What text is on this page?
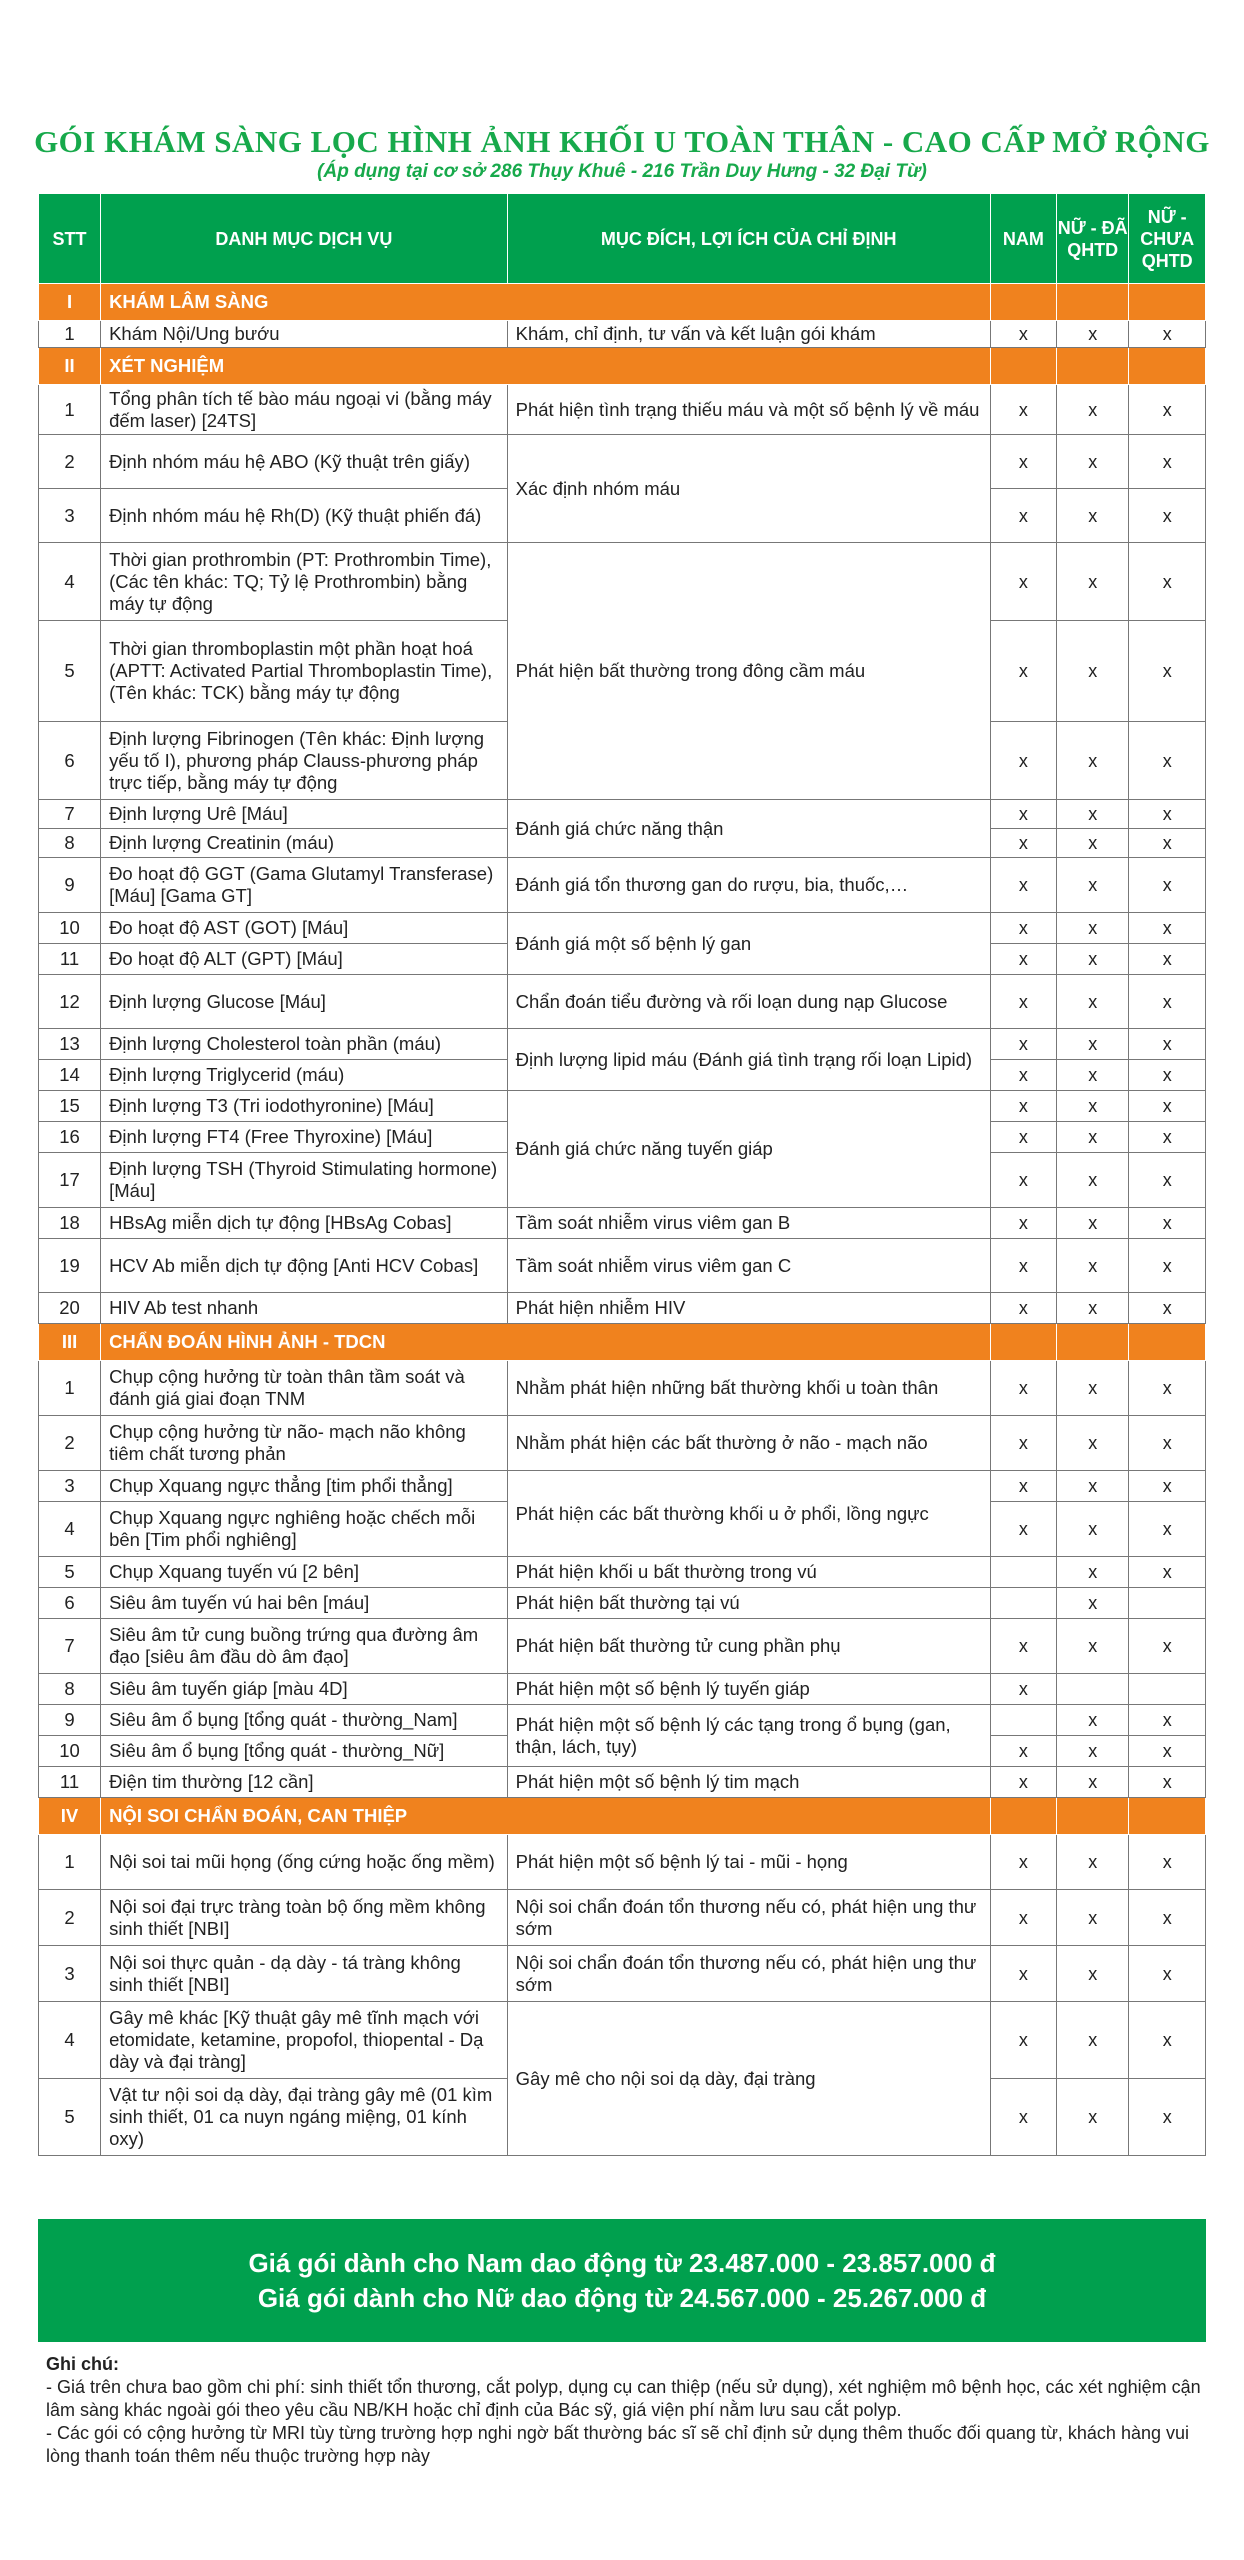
GÓI KHÁM SÀNG LỌC HÌNH ẢNH KHỐI U TOÀN THÂN - CAO CẤP MỞ RỘNG
(Áp dụng tại cơ sở 286 Thụy Khuê - 216 Trần Duy Hưng - 32 Đại Từ)
STT	DANH MỤC DỊCH VỤ	MỤC ĐÍCH, LỢI ÍCH CỦA CHỈ ĐỊNH	NAM	NỮ - ĐÃ QHTD	NỮ - CHƯA QHTD
I	KHÁM LÂM SÀNG				
1	Khám Nội/Ung bướu	Khám, chỉ định, tư vấn và kết luận gói khám	x	x	x
II	XÉT NGHIỆM				
1	Tổng phân tích tế bào máu ngoại vi (bằng máy đếm laser) [24TS]	Phát hiện tình trạng thiếu máu và một số bệnh lý về máu	x	x	x
2	Định nhóm máu hệ ABO (Kỹ thuật trên giấy)	Xác định nhóm máu	x	x	x
3	Định nhóm máu hệ Rh(D) (Kỹ thuật phiến đá)		x	x	x
4	Thời gian prothrombin (PT: Prothrombin Time), (Các tên khác: TQ; Tỷ lệ Prothrombin) bằng máy tự động	Phát hiện bất thường trong đông cầm máu	x	x	x
5	Thời gian thromboplastin một phần hoạt hoá (APTT: Activated Partial Thromboplastin Time), (Tên khác: TCK) bằng máy tự động		x	x	x
6	Định lượng Fibrinogen (Tên khác: Định lượng yếu tố I), phương pháp Clauss-phương pháp trực tiếp, bằng máy tự động		x	x	x
7	Định lượng Urê [Máu]	Đánh giá chức năng thận	x	x	x
8	Định lượng Creatinin (máu)		x	x	x
9	Đo hoạt độ GGT (Gama Glutamyl Transferase) [Máu] [Gama GT]	Đánh giá tổn thương gan do rượu, bia, thuốc,…	x	x	x
10	Đo hoạt độ AST (GOT) [Máu]	Đánh giá một số bệnh lý gan	x	x	x
11	Đo hoạt độ ALT (GPT) [Máu]		x	x	x
12	Định lượng Glucose [Máu]	Chẩn đoán tiểu đường và rối loạn dung nạp Glucose	x	x	x
13	Định lượng Cholesterol toàn phần (máu)	Định lượng lipid máu (Đánh giá tình trạng rối loạn Lipid)	x	x	x
14	Định lượng Triglycerid (máu)		x	x	x
15	Định lượng T3 (Tri iodothyronine) [Máu]	Đánh giá chức năng tuyến giáp	x	x	x
16	Định lượng FT4 (Free Thyroxine) [Máu]		x	x	x
17	Định lượng TSH (Thyroid Stimulating hormone) [Máu]		x	x	x
18	HBsAg miễn dịch tự động [HBsAg Cobas]	Tầm soát nhiễm virus viêm gan B	x	x	x
19	HCV Ab miễn dịch tự động [Anti HCV Cobas]	Tầm soát nhiễm virus viêm gan C	x	x	x
20	HIV Ab test nhanh	Phát hiện nhiễm HIV	x	x	x
III	CHẨN ĐOÁN HÌNH ẢNH - TDCN				
1	Chụp cộng hưởng từ toàn thân tầm soát và đánh giá giai đoạn TNM	Nhằm phát hiện những bất thường khối u toàn thân	x	x	x
2	Chụp cộng hưởng từ não- mạch não không tiêm chất tương phản	Nhằm phát hiện các bất thường ở não - mạch não	x	x	x
3	Chụp Xquang ngực thẳng [tim phổi thẳng]	Phát hiện các bất thường khối u ở phổi, lồng ngực	x	x	x
4	Chụp Xquang ngực nghiêng hoặc chếch mỗi bên [Tim phổi nghiêng]		x	x	x
5	Chụp Xquang tuyến vú [2 bên]	Phát hiện khối u bất thường trong vú		x	x
6	Siêu âm tuyến vú hai bên [máu]	Phát hiện bất thường tại vú		x	
7	Siêu âm tử cung buồng trứng qua đường âm đạo [siêu âm đầu dò âm đạo]	Phát hiện bất thường tử cung phần phụ	x	x	x
8	Siêu âm tuyến giáp [màu 4D]	Phát hiện một số bệnh lý tuyến giáp	x		
9	Siêu âm ổ bụng [tổng quát - thường_Nam]	Phát hiện một số bệnh lý các tạng trong ổ bụng (gan, thận, lách, tụy)		x	x
10	Siêu âm ổ bụng [tổng quát - thường_Nữ]		x	x	x
11	Điện tim thường [12 cần]	Phát hiện một số bệnh lý tim mạch	x	x	x
IV	NỘI SOI CHẨN ĐOÁN, CAN THIỆP				
1	Nội soi tai mũi họng (ống cứng hoặc ống mềm)	Phát hiện một số bệnh lý tai - mũi - họng	x	x	x
2	Nội soi đại trực tràng toàn bộ ống mềm không sinh thiết [NBI]	Nội soi chẩn đoán tổn thương nếu có, phát hiện ung thư sớm	x	x	x
3	Nội soi thực quản - dạ dày - tá tràng không sinh thiết [NBI]	Nội soi chẩn đoán tổn thương nếu có, phát hiện ung thư sớm	x	x	x
4	Gây mê khác [Kỹ thuật gây mê tĩnh mạch với etomidate, ketamine, propofol, thiopental - Dạ dày và đại tràng]	Gây mê cho nội soi dạ dày, đại tràng	x	x	x
5	Vật tư nội soi dạ dày, đại tràng gây mê (01 kìm sinh thiết, 01 ca nuyn ngáng miệng, 01 kính oxy)		x	x	x
Giá gói dành cho Nam dao động từ 23.487.000 - 23.857.000 đ
Giá gói dành cho Nữ dao động từ 24.567.000 - 25.267.000 đ
Ghi chú:
- Giá trên chưa bao gồm chi phí: sinh thiết tổn thương, cắt polyp, dụng cụ can thiệp (nếu sử dụng), xét nghiệm mô bệnh học, các xét nghiệm cận lâm sàng khác ngoài gói theo yêu cầu NB/KH hoặc chỉ định của Bác sỹ, giá viện phí nằm lưu sau cắt polyp.
- Các gói có cộng hưởng từ MRI tùy từng trường hợp nghi ngờ bất thường bác sĩ sẽ chỉ định sử dụng thêm thuốc đối quang từ, khách hàng vui lòng thanh toán thêm nếu thuộc trường hợp này
